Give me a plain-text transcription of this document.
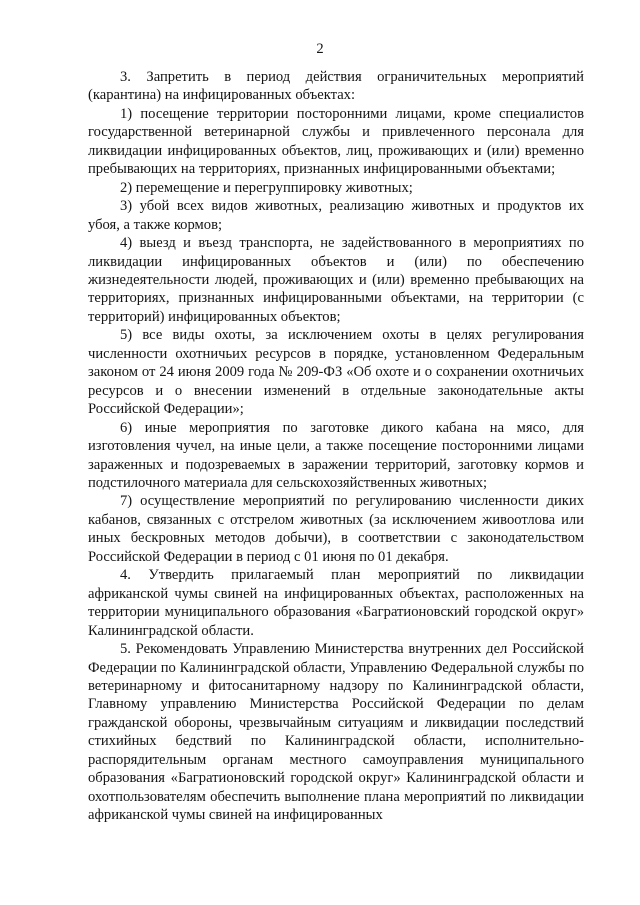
2

3. Запретить в период действия ограничительных мероприятий (карантина) на инфицированных объектах:

1) посещение территории посторонними лицами, кроме специалистов государственной ветеринарной службы и привлеченного персонала для ликвидации инфицированных объектов, лиц, проживающих и (или) временно пребывающих на территориях, признанных инфицированными объектами;

2) перемещение и перегруппировку животных;

3) убой всех видов животных, реализацию животных и продуктов их убоя, а также кормов;

4) выезд и въезд транспорта, не задействованного в мероприятиях по ликвидации инфицированных объектов и (или) по обеспечению жизнедеятельности людей, проживающих и (или) временно пребывающих на территориях, признанных инфицированными объектами, на территории (с территорий) инфицированных объектов;

5) все виды охоты, за исключением охоты в целях регулирования численности охотничьих ресурсов в порядке, установленном Федеральным законом от 24 июня 2009 года № 209-ФЗ «Об охоте и о сохранении охотничьих ресурсов и о внесении изменений в отдельные законодательные акты Российской Федерации»;

6) иные мероприятия по заготовке дикого кабана на мясо, для изготовления чучел, на иные цели, а также посещение посторонними лицами зараженных и подозреваемых в заражении территорий, заготовку кормов и подстилочного материала для сельскохозяйственных животных;

7) осуществление мероприятий по регулированию численности диких кабанов, связанных с отстрелом животных (за исключением живоотлова или иных бескровных методов добычи), в соответствии с законодательством Российской Федерации в период с 01 июня по 01 декабря.

4. Утвердить прилагаемый план мероприятий по ликвидации африканской чумы свиней на инфицированных объектах, расположенных на территории муниципального образования «Багратионовский городской округ» Калининградской области.

5. Рекомендовать Управлению Министерства внутренних дел Российской Федерации по Калининградской области, Управлению Федеральной службы по ветеринарному и фитосанитарному надзору по Калининградской области, Главному управлению Министерства Российской Федерации по делам гражданской обороны, чрезвычайным ситуациям и ликвидации последствий стихийных бедствий по Калининградской области, исполнительно-распорядительным органам местного самоуправления муниципального образования «Багратионовский городской округ» Калининградской области и охотпользователям обеспечить выполнение плана мероприятий по ликвидации африканской чумы свиней на инфицированных
